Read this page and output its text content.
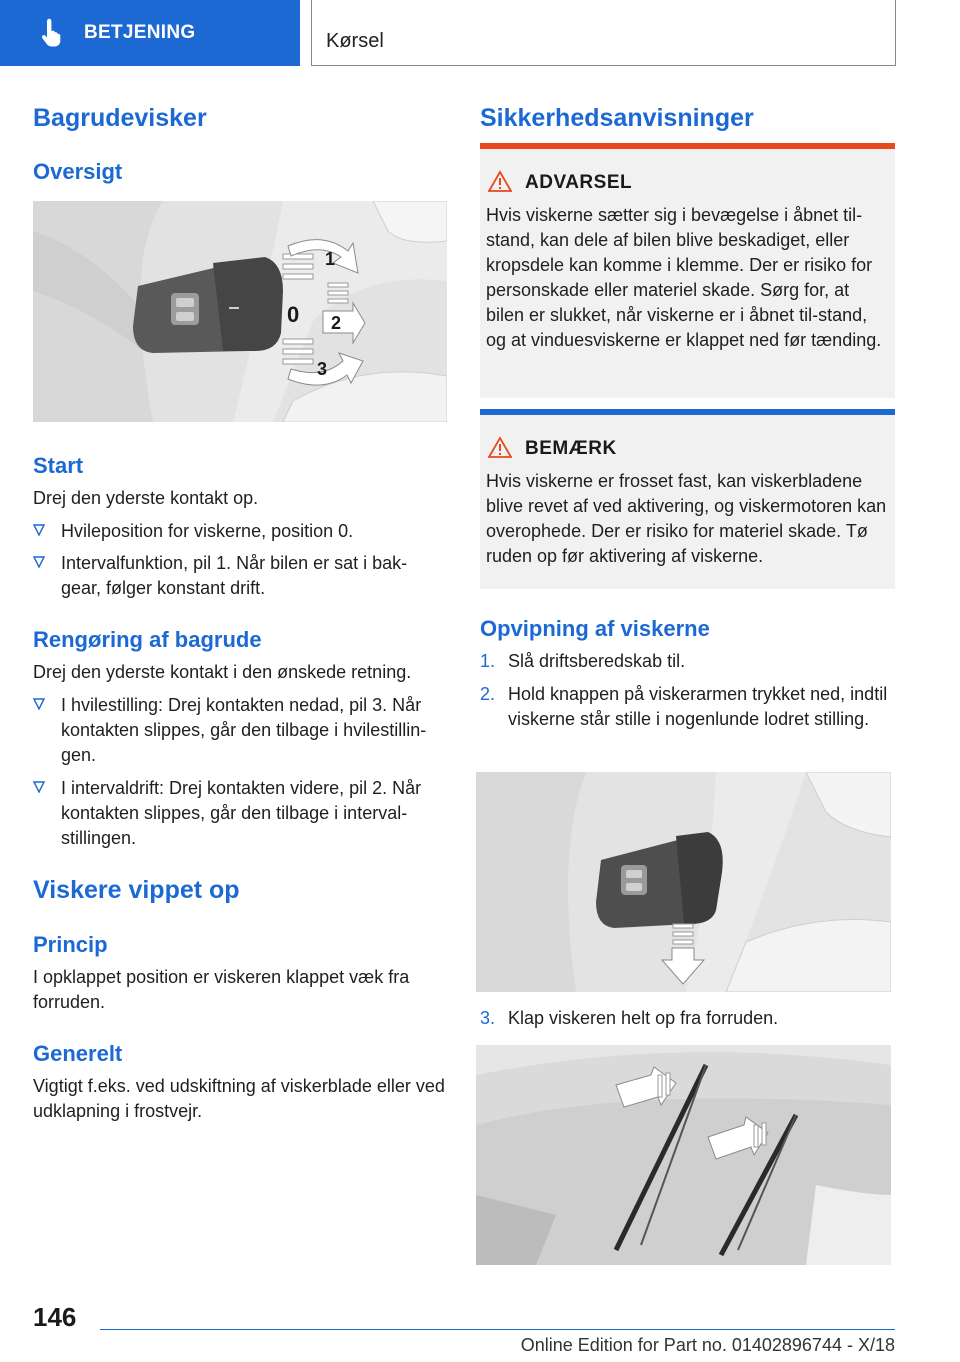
BETJENING	Kørsel
Bagrudevisker
Oversigt
1
0 2
3
Start
Drej den yderste kontakt op.
Hvileposition for viskerne, position 0.
Intervalfunktion, pil 1. Når bilen er sat i bak-gear, følger konstant drift.
Rengøring af bagrude
Drej den yderste kontakt i den ønskede retning.
I hvilestilling: Drej kontakten nedad, pil 3. Når kontakten slippes, går den tilbage i hvilestillin-gen.
I intervaldrift: Drej kontakten videre, pil 2. Når kontakten slippes, går den tilbage i interval-stillingen.
Viskere vippet op
Princip
I opklappet position er viskeren klappet væk fra forruden.
Generelt
Vigtigt f.eks. ved udskiftning af viskerblade eller ved udklapning i frostvejr.
Sikkerhedsanvisninger
ADVARSEL
Hvis viskerne sætter sig i bevægelse i åbnet til-stand, kan dele af bilen blive beskadiget, eller kropsdele kan komme i klemme. Der er risiko for personskade eller materiel skade. Sørg for, at bilen er slukket, når viskerne er i åbnet til-stand, og at vinduesviskerne er klappet ned før tænding.
BEMÆRK
Hvis viskerne er frosset fast, kan viskerbladene blive revet af ved aktivering, og viskermotoren kan overophede. Der er risiko for materiel skade. Tø ruden op før aktivering af viskerne.
Opvipning af viskerne
1. Slå driftsberedskab til.
2. Hold knappen på viskerarmen trykket ned, indtil viskerne står stille i nogenlunde lodret stilling.
3. Klap viskeren helt op fra forruden.
146
Online Edition for Part no. 01402896744 - X/18
